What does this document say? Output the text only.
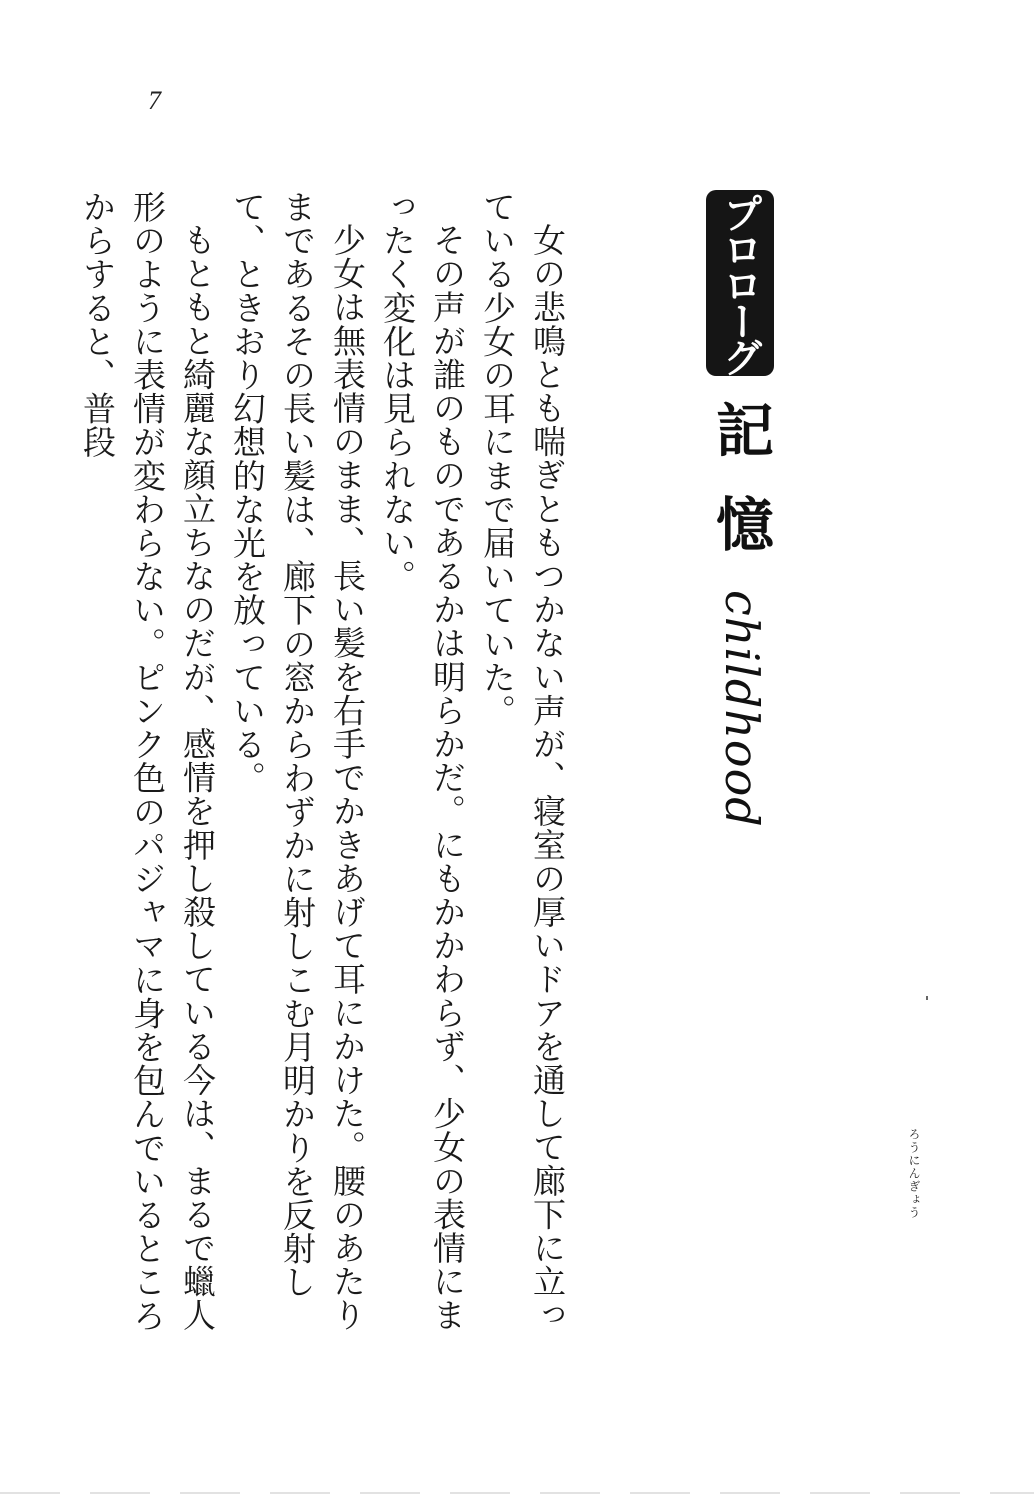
7
プロローグ
記憶
childhood

女の悲鳴とも喘ぎともつかない声が、寝室の厚いドアを通して廊下に立っている少女の耳にまで届いていた。

その声が誰のものであるかは明らかだ。にもかかわらず、少女の表情にまったく変化は見られない。

少女は無表情のまま、長い髪を右手でかきあげて耳にかけた。腰のあたりまであるその長い髪は、廊下の窓からわずかに射しこむ月明かりを反射して、ときおり幻想的な光を放っている。

もともと綺麗な顔立ちなのだが、感情を押し殺している今は、まるで蠟人形のように表情が変わらない。ピンク色のパジャマに身を包んでいるところからすると、普段

ろうにんぎょう
